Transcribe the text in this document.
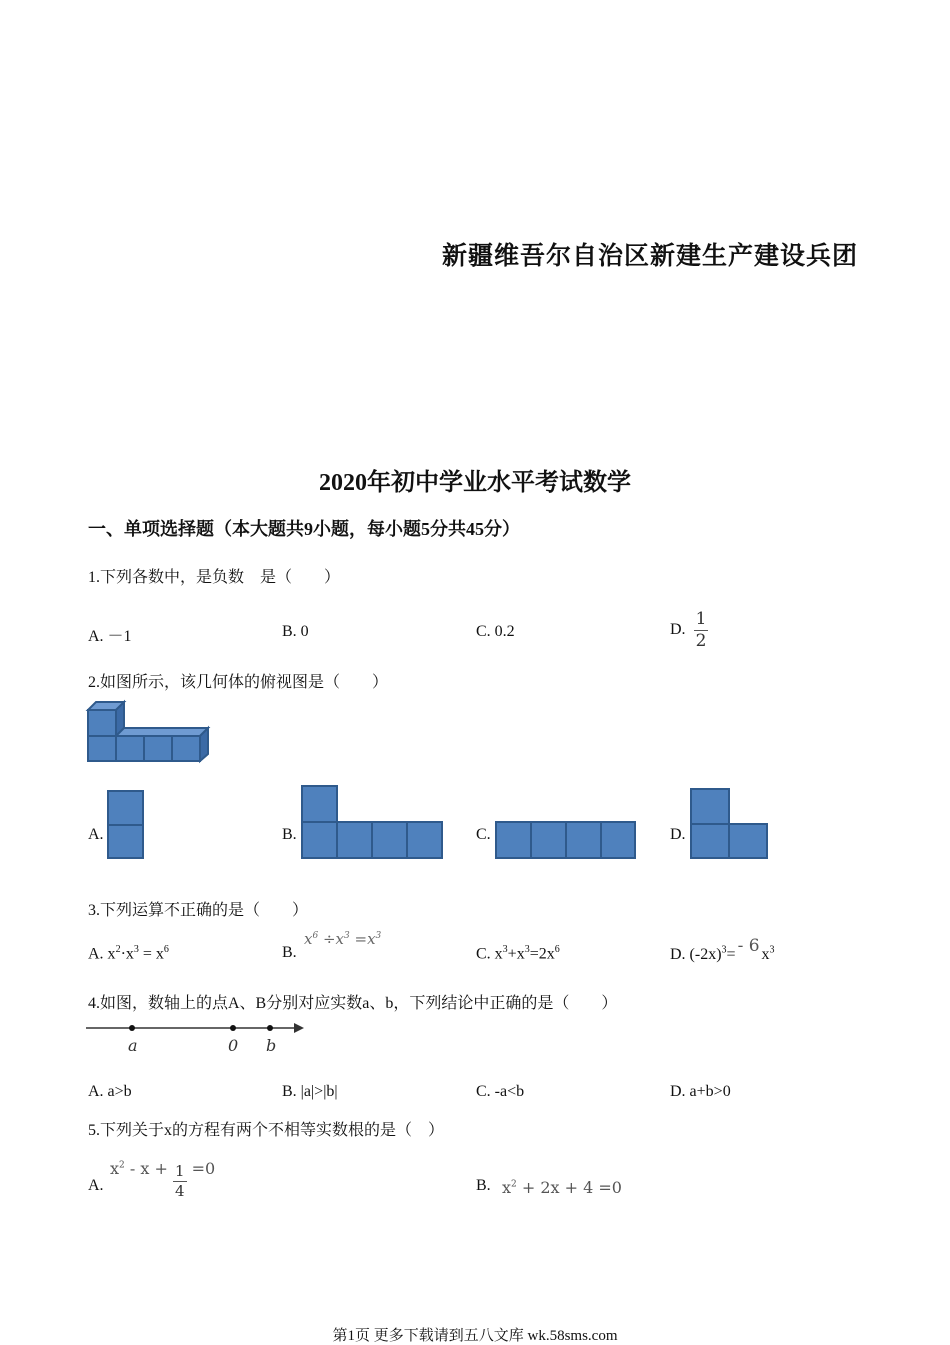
新疆维吾尔自治区新建生产建设兵团
2020年初中学业水平考试数学
一、单项选择题（本大题共9小题，每小题5分共45分）
1.下列各数中，是负数　是（　　）
A. －1	B. 0	C. 0.2	D. $\frac{1}{2}$
2.如图所示，该几何体的俯视图是（　　）
A.	B.	C.	D.
3.下列运算不正确的是（　　）
A. $x^2\cdot x^3 = x^6$	B.
$x^6 \div x^3 =x^3$
C. $x^3+x^3=2x^6$	D. $(-2x)^3= - 6$ $x^3$
4.如图，数轴上的点A、B分别对应实数a、b，下列结论中正确的是（　　）
a	0 b
A. a>b	B. |a|>|b|	C. -a<b	D. a+b>0
5.下列关于x的方程有两个不相等实数根的是（　）
A.
$x^2 - x + \frac{1}{4} =0$
B. $x^2 + 2x + 4 =0$
第1页 更多下载请到五八文库 wk.58sms.com
